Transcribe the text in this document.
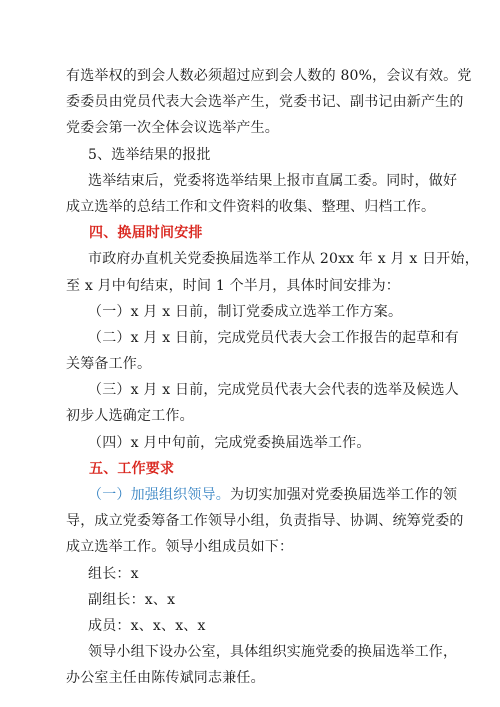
有选举权的到会人数必须超过应到会人数的 80%，会议有效。党
委委员由党员代表大会选举产生，党委书记、副书记由新产生的
党委会第一次全体会议选举产生。
5、选举结果的报批
选举结束后，党委将选举结果上报市直属工委。同时，做好
成立选举的总结工作和文件资料的收集、整理、归档工作。
四、换届时间安排
市政府办直机关党委换届选举工作从 20xx 年 x 月 x 日开始，
至 x 月中旬结束，时间 1 个半月，具体时间安排为：
（一）x 月 x 日前，制订党委成立选举工作方案。
（二）x 月 x 日前，完成党员代表大会工作报告的起草和有
关筹备工作。
（三）x 月 x 日前，完成党员代表大会代表的选举及候选人
初步人选确定工作。
（四）x 月中旬前，完成党委换届选举工作。
五、工作要求
（一）加强组织领导。为切实加强对党委换届选举工作的领
导，成立党委筹备工作领导小组，负责指导、协调、统筹党委的
成立选举工作。领导小组成员如下：
组长：x
副组长：x、x
成员：x、x、x、x
领导小组下设办公室，具体组织实施党委的换届选举工作，
办公室主任由陈传斌同志兼任。
